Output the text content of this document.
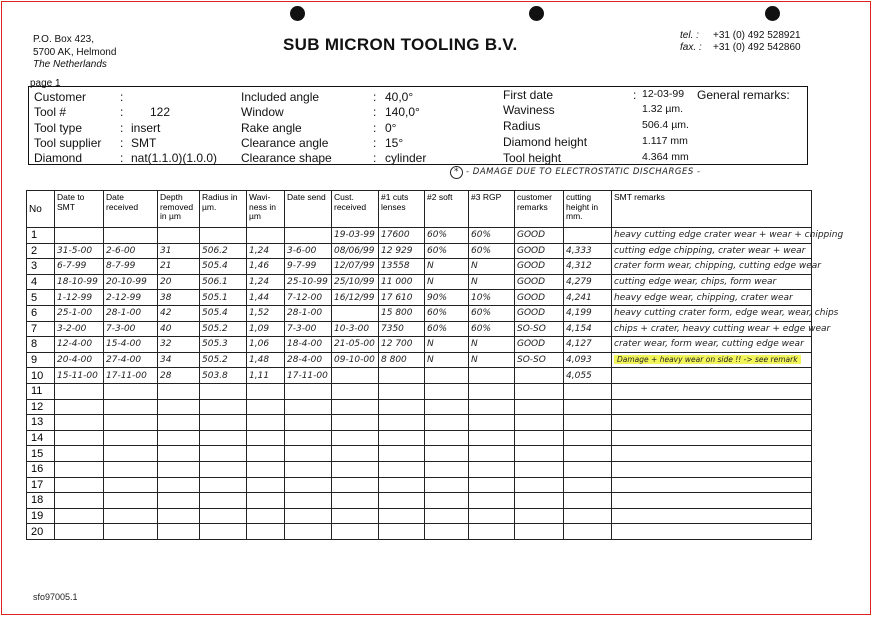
P.O. Box 423,
5700 AK, Helmond
The Netherlands
SUB MICRON TOOLING B.V.	tel. :	+31 (0) 492 528921
fax. :	+31 (0) 492 542860
page 1
Customer	:
Tool #	: 122
Tool type	: insert
Tool supplier : SMT
Diamond	: nat(1.1.0)(1.0.0)
Included angle	: 40,0°
Window	: 140,0°
Rake angle	: 0°
Clearance angle	: 15°
Clearance shape	: cylinder
First date	: 12-03-99
Waviness	1.32 µm.
Radius	506.4 µm.
Diamond height	1.117 mm
Tool height	4.364 mm
General remarks:
* - DAMAGE DUE TO ELECTROSTATIC DISCHARGES -
No	Date to SMT	Date received	Depth removed in µm	Radius in µm.	Wavi-ness in µm	Date send	Cust. received	#1 cuts lenses	#2 soft	#3 RGP	customer remarks	cutting height in mm.	SMT remarks
1							19-03-99	17600	60%	60%	GOOD		heavy cutting edge crater wear + wear + chipping
2	31-5-00	2-6-00	31	506.2	1,24	3-6-00	08/06/99	12 929	60%	60%	GOOD	4,333	cutting edge chipping, crater wear + wear
3	6-7-99	8-7-99	21	505.4	1,46	9-7-99	12/07/99	13558	N	N	GOOD	4,312	crater form wear, chipping, cutting edge wear
4	18-10-99	20-10-99	20	506.1	1,24	25-10-99	25/10/99	11 000	N	N	GOOD	4,279	cutting edge wear, chips, form wear
5	1-12-99	2-12-99	38	505.1	1,44	7-12-00	16/12/99	17 610	90%	10%	GOOD	4,241	heavy edge wear, chipping, crater wear
6	25-1-00	28-1-00	42	505.4	1,52	28-1-00		15 800	60%	60%	GOOD	4,199	heavy cutting crater form, edge wear, wear, chips
7	3-2-00	7-3-00	40	505.2	1,09	7-3-00	10-3-00	7350	60%	60%	SO-SO	4,154	chips + crater, heavy cutting wear + edge wear
8	12-4-00	15-4-00	32	505.3	1,06	18-4-00	21-05-00	12 700	N	N	GOOD	4,127	crater wear, form wear, cutting edge wear
9	20-4-00	27-4-00	34	505.2	1,48	28-4-00	09-10-00	8 800	N	N	SO-SO	4,093	Damage + heavy wear on side !! -> see remark
10	15-11-00	17-11-00	28	503.8	1,11	17-11-00						4,055	
11													
12													
13													
14													
15													
16													
17													
18													
19													
20													
sfo97005.1
